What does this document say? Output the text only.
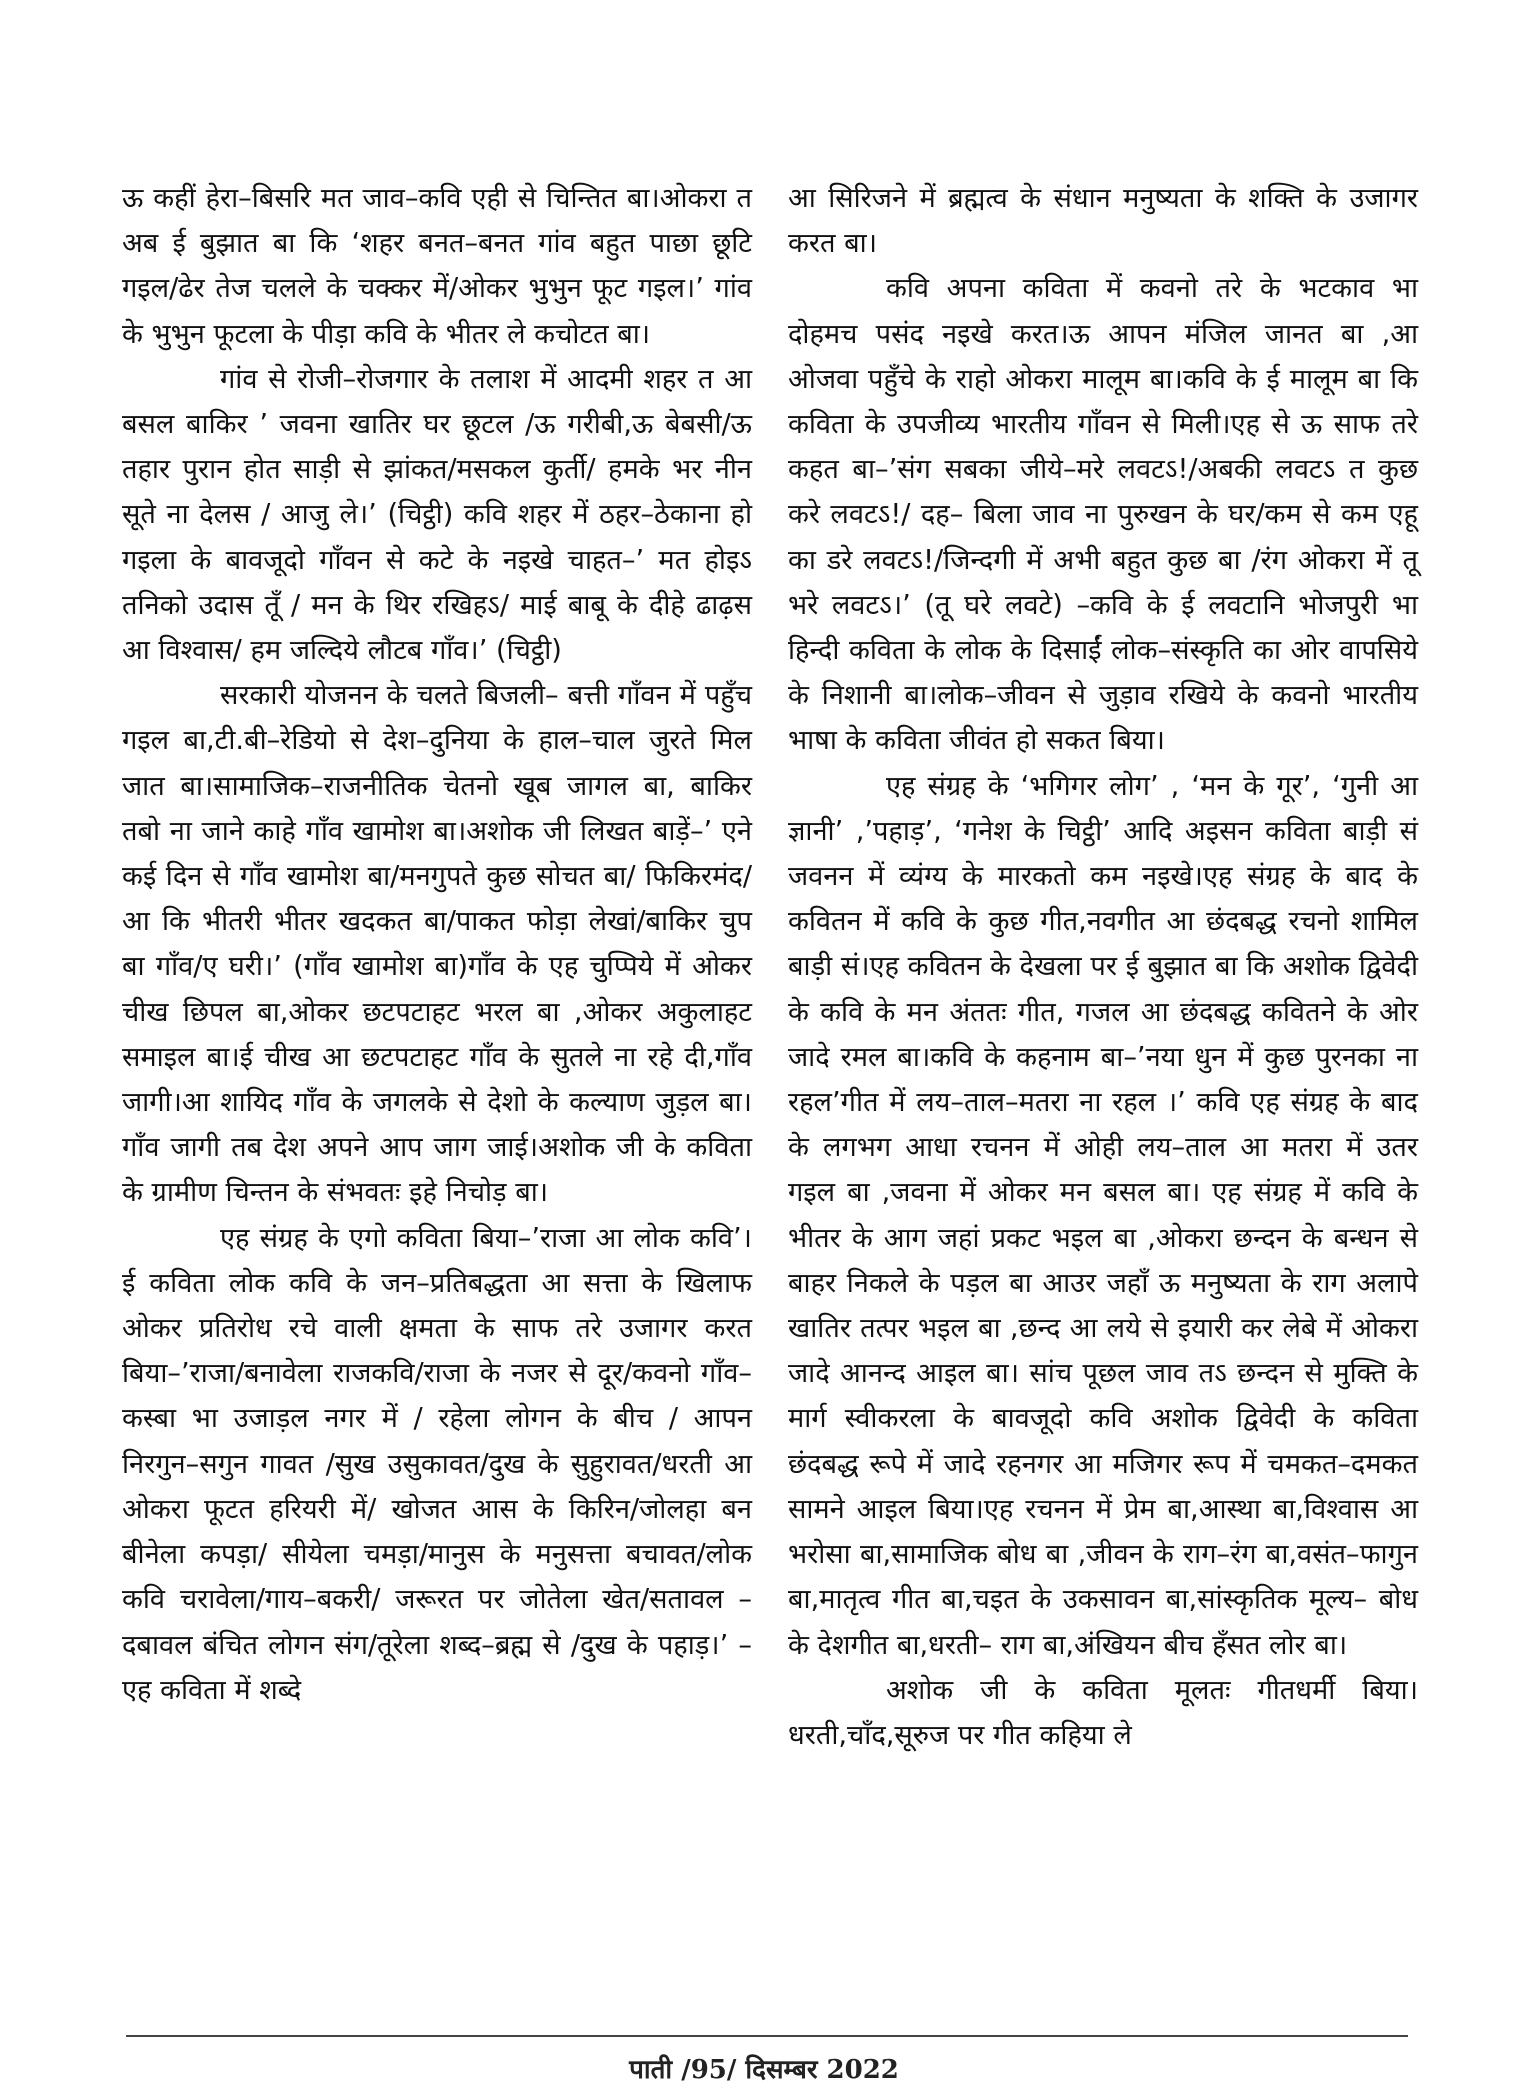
ऊ कहीं हेरा–बिसरि मत जाव–कवि एही से चिन्तित बा।ओकरा त अब ई बुझात बा कि ‘शहर बनत–बनत गांव बहुत पाछा छूटि गइल/ढेर तेज चलले के चक्कर में/ओकर भुभुन फूट गइल।’ गांव के भुभुन फूटला के पीड़ा कवि के भीतर ले कचोटत बा।

गांव से रोजी–रोजगार के तलाश में आदमी शहर त आ बसल बाकिर ’ जवना खातिर घर छूटल /ऊ गरीबी,ऊ बेबसी/ऊ तहार पुरान होत साड़ी से झांकत/मसकल कुर्ती/ हमके भर नीन सूते ना देलस / आजु ले।’ (चिट्ठी) कवि शहर में ठहर–ठेकाना हो गइला के बावजूदो गाँवन से कटे के नइखे चाहत–’ मत होइऽ तनिको उदास तूँ / मन के थिर रखिहऽ/ माई बाबू के दीहे ढाढ़स आ विश्वास/ हम जल्दिये लौटब गाँव।’ (चिट्ठी)

सरकारी योजनन के चलते बिजली– बत्ती गाँवन में पहुँच गइल बा,टी.बी–रेडियो से देश–दुनिया के हाल–चाल जुरते मिल जात बा।सामाजिक–राजनीतिक चेतनो खूब जागल बा, बाकिर तबो ना जाने काहे गाँव खामोश बा।अशोक जी लिखत बाड़ें–’ एने कई दिन से गाँव खामोश बा/मनगुपते कुछ सोचत बा/ फिकिरमंद/आ कि भीतरी भीतर खदकत बा/पाकत फोड़ा लेखां/बाकिर चुप बा गाँव/ए घरी।’ (गाँव खामोश बा)गाँव के एह चुप्पिये में ओकर चीख छिपल बा,ओकर छटपटाहट भरल बा ,ओकर अकुलाहट समाइल बा।ई चीख आ छटपटाहट गाँव के सुतले ना रहे दी,गाँव जागी।आ शायिद गाँव के जगलके से देशो के कल्याण जुड़ल बा।गाँव जागी तब देश अपने आप जाग जाई।अशोक जी के कविता के ग्रामीण चिन्तन के संभवतः इहे निचोड़ बा।

एह संग्रह के एगो कविता बिया–’राजा आ लोक कवि’। ई कविता लोक कवि के जन–प्रतिबद्धता आ सत्ता के खिलाफ ओकर प्रतिरोध रचे वाली क्षमता के साफ तरे उजागर करत बिया–’राजा/बनावेला राजकवि/राजा के नजर से दूर/कवनो गाँव–कस्बा भा उजाड़ल नगर में / रहेला लोगन के बीच / आपन निरगुन–सगुन गावत /सुख उसुकावत/दुख के सुहुरावत/धरती आ ओकरा फूटत हरियरी में/ खोजत आस के किरिन/जोलहा बन बीनेला कपड़ा/ सीयेला चमड़ा/मानुस के मनुसत्ता बचावत/लोक कवि चरावेला/गाय–बकरी/ जरूरत पर जोतेला खेत/सतावल –दबावल बंचित लोगन संग/तूरेला शब्द–ब्रह्म से /दुख के पहाड़।’ –एह कविता में शब्दे

आ सिरिजने में ब्रह्मत्व के संधान मनुष्यता के शक्ति के उजागर करत बा।

कवि अपना कविता में कवनो तरे के भटकाव भा दोहमच पसंद नइखे करत।ऊ आपन मंजिल जानत बा ,आ ओजवा पहुँचे के राहो ओकरा मालूम बा।कवि के ई मालूम बा कि कविता के उपजीव्य भारतीय गाँवन से मिली।एह से ऊ साफ तरे कहत बा–’संग सबका जीये–मरे लवटऽ!/अबकी लवटऽ त कुछ करे लवटऽ!/ दह– बिला जाव ना पुरुखन के घर/कम से कम एहू का डरे लवटऽ!/जिन्दगी में अभी बहुत कुछ बा /रंग ओकरा में तू भरे लवटऽ।’ (तू घरे लवटे) –कवि के ई लवटानि भोजपुरी भा हिन्दी कविता के लोक के दिसाईं लोक–संस्कृति का ओर वापसिये के निशानी बा।लोक–जीवन से जुड़ाव रखिये के कवनो भारतीय भाषा के कविता जीवंत हो सकत बिया।

एह संग्रह के ‘भगिगर लोग’ , ‘मन के गूर’, ‘गुनी आ ज्ञानी’ ,’पहाड़’, ‘गनेश के चिट्ठी’ आदि अइसन कविता बाड़ी सं जवनन में व्यंग्य के मारकतो कम नइखे।एह संग्रह के बाद के कवितन में कवि के कुछ गीत,नवगीत आ छंदबद्ध रचनो शामिल बाड़ी सं।एह कवितन के देखला पर ई बुझात बा कि अशोक द्विवेदी के कवि के मन अंततः गीत, गजल आ छंदबद्ध कवितने के ओर जादे रमल बा।कवि के कहनाम बा–’नया धुन में कुछ पुरनका ना रहल’गीत में लय–ताल–मतरा ना रहल ।’ कवि एह संग्रह के बाद के लगभग आधा रचनन में ओही लय–ताल आ मतरा में उतर गइल बा ,जवना में ओकर मन बसल बा। एह संग्रह में कवि के भीतर के आग जहां प्रकट भइल बा ,ओकरा छन्दन के बन्धन से बाहर निकले के पड़ल बा आउर जहाँ ऊ मनुष्यता के राग अलापे खातिर तत्पर भइल बा ,छन्द आ लये से इयारी कर लेबे में ओकरा जादे आनन्द आइल बा। सांच पूछल जाव तऽ छन्दन से मुक्ति के मार्ग स्वीकरला के बावजूदो कवि अशोक द्विवेदी के कविता छंदबद्ध रूपे में जादे रहनगर आ मजिगर रूप में चमकत–दमकत सामने आइल बिया।एह रचनन में प्रेम बा,आस्था बा,विश्वास आ भरोसा बा,सामाजिक बोध बा ,जीवन के राग–रंग बा,वसंत–फागुन बा,मातृत्व गीत बा,चइत के उकसावन बा,सांस्कृतिक मूल्य– बोध के देशगीत बा,धरती– राग बा,अंखियन बीच हँसत लोर बा।

अशोक जी के कविता मूलतः गीतधर्मी बिया। धरती,चाँद,सूरुज पर गीत कहिया ले

पाती /95/ दिसम्बर 2022
